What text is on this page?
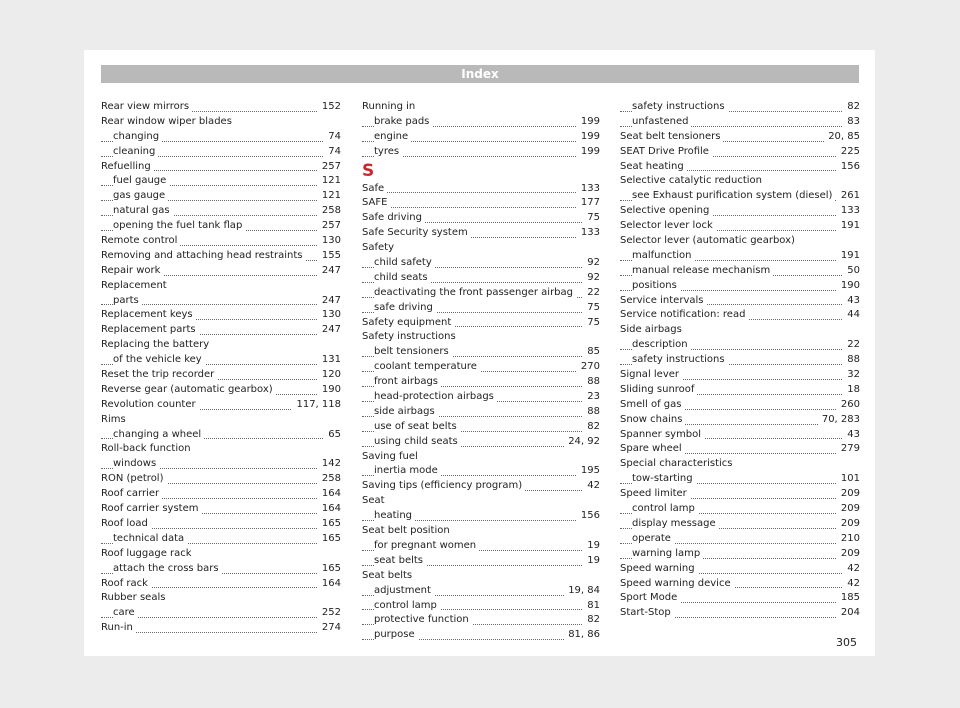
Index
Rear view mirrors	152
Rear window wiper blades
changing	74
cleaning	74
Refuelling	257
fuel gauge	121
gas gauge	121
natural gas	258
opening the fuel tank flap	257
Remote control	130
Removing and attaching head restraints	155
Repair work	247
Replacement
parts	247
Replacement keys	130
Replacement parts	247
Replacing the battery
of the vehicle key	131
Reset the trip recorder	120
Reverse gear (automatic gearbox)	190
Revolution counter	117, 118
Rims
changing a wheel	65
Roll-back function
windows	142
RON (petrol)	258
Roof carrier	164
Roof carrier system	164
Roof load	165
technical data	165
Roof luggage rack
attach the cross bars	165
Roof rack	164
Rubber seals
care	252
Run-in	274
Running in
brake pads	199
engine	199
tyres	199
S
Safe	133
SAFE	177
Safe driving	75
Safe Security system	133
Safety
child safety	92
child seats	92
deactivating the front passenger airbag	22
safe driving	75
Safety equipment	75
Safety instructions
belt tensioners	85
coolant temperature	270
front airbags	88
head-protection airbags	23
side airbags	88
use of seat belts	82
using child seats	24, 92
Saving fuel
inertia mode	195
Saving tips (efficiency program)	42
Seat
heating	156
Seat belt position
for pregnant women	19
seat belts	19
Seat belts
adjustment	19, 84
control lamp	81
protective function	82
purpose	81, 86
safety instructions	82
unfastened	83
Seat belt tensioners	20, 85
SEAT Drive Profile	225
Seat heating	156
Selective catalytic reduction
see Exhaust purification system (diesel) 261
Selective opening	133
Selector lever lock	191
Selector lever (automatic gearbox)
malfunction	191
manual release mechanism	50
positions	190
Service intervals	43
Service notification: read	44
Side airbags
description	22
safety instructions	88
Signal lever	32
Sliding sunroof	18
Smell of gas	260
Snow chains	70, 283
Spanner symbol	43
Spare wheel	279
Special characteristics
tow-starting	101
Speed limiter	209
control lamp	209
display message	209
operate	210
warning lamp	209
Speed warning	42
Speed warning device	42
Sport Mode	185
Start-Stop	204
305
